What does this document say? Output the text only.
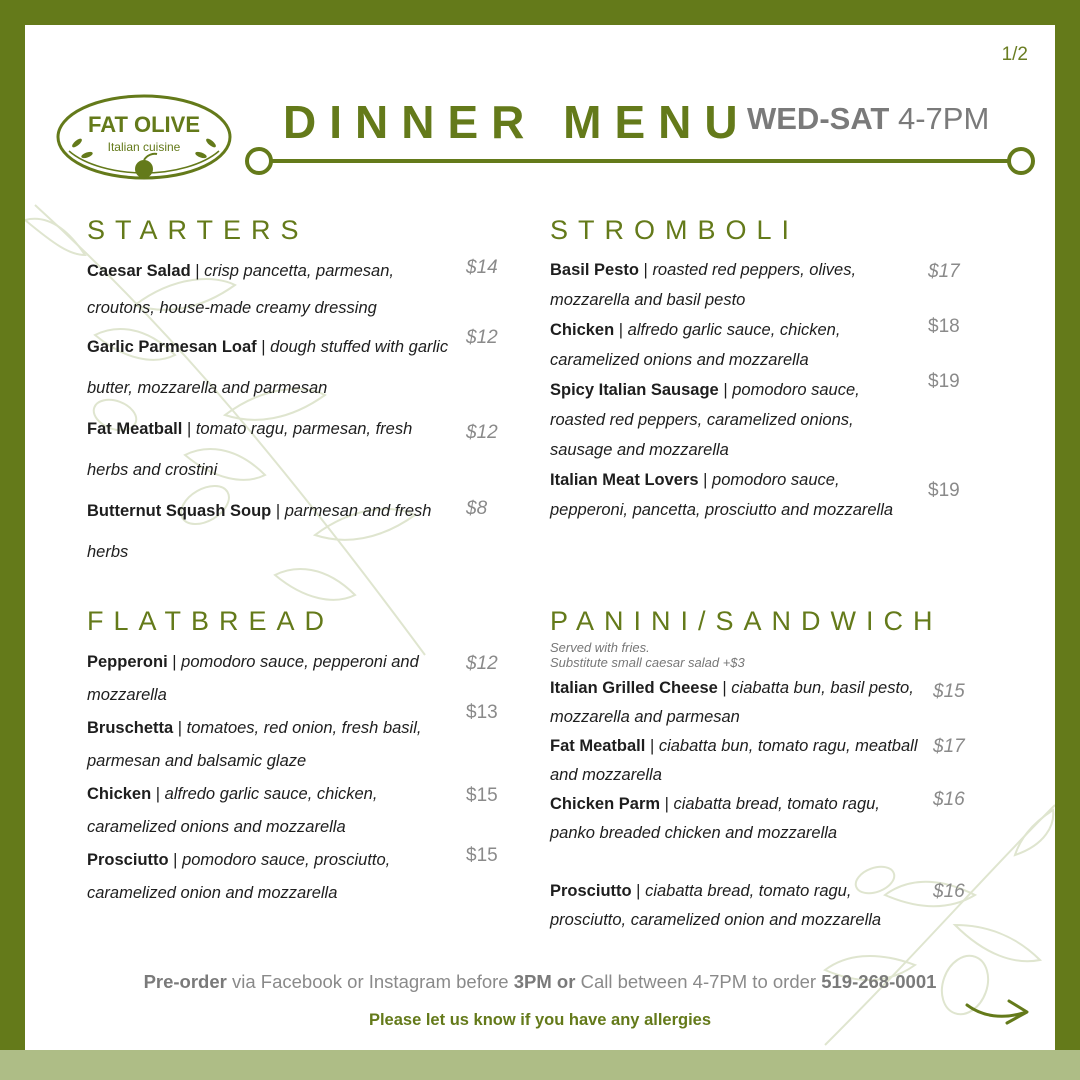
1/2
FAT OLIVE
Italian cuisine DINNER MENU
WED-SAT 4-7PM
STARTERS
Caesar Salad | crisp pancetta, parmesan, croutons, house-made creamy dressing
$14
Garlic Parmesan Loaf | dough stuffed with garlic butter, mozzarella and parmesan
$12
Fat Meatball | tomato ragu, parmesan, fresh herbs and crostini
$12
Butternut Squash Soup | parmesan and fresh herbs
$8
STROMBOLI
Basil Pesto | roasted red peppers, olives, mozzarella and basil pesto
$17
Chicken | alfredo garlic sauce, chicken, caramelized onions and mozzarella
$18
Spicy Italian Sausage | pomodoro sauce, roasted red peppers, caramelized onions, sausage and mozzarella
$19
Italian Meat Lovers | pomodoro sauce, pepperoni, pancetta, prosciutto and mozzarella
$19
FLATBREAD
Pepperoni | pomodoro sauce, pepperoni and mozzarella
$12
Bruschetta | tomatoes, red onion, fresh basil, parmesan and balsamic glaze
$13
Chicken | alfredo garlic sauce, chicken, caramelized onions and mozzarella
$15
Prosciutto | pomodoro sauce, prosciutto, caramelized onion and mozzarella
$15
PANINI/SANDWICH
Served with fries.
Substitute small caesar salad +$3
Italian Grilled Cheese | ciabatta bun, basil pesto, mozzarella and parmesan
$15
Fat Meatball | ciabatta bun, tomato ragu, meatball and mozzarella
$17
Chicken Parm | ciabatta bread, tomato ragu, panko breaded chicken and mozzarella
$16
Prosciutto | ciabatta bread, tomato ragu, prosciutto, caramelized onion and mozzarella
$16
Pre-order via Facebook or Instagram before 3PM or Call between 4-7PM to order 519-268-0001
Please let us know if you have any allergies
